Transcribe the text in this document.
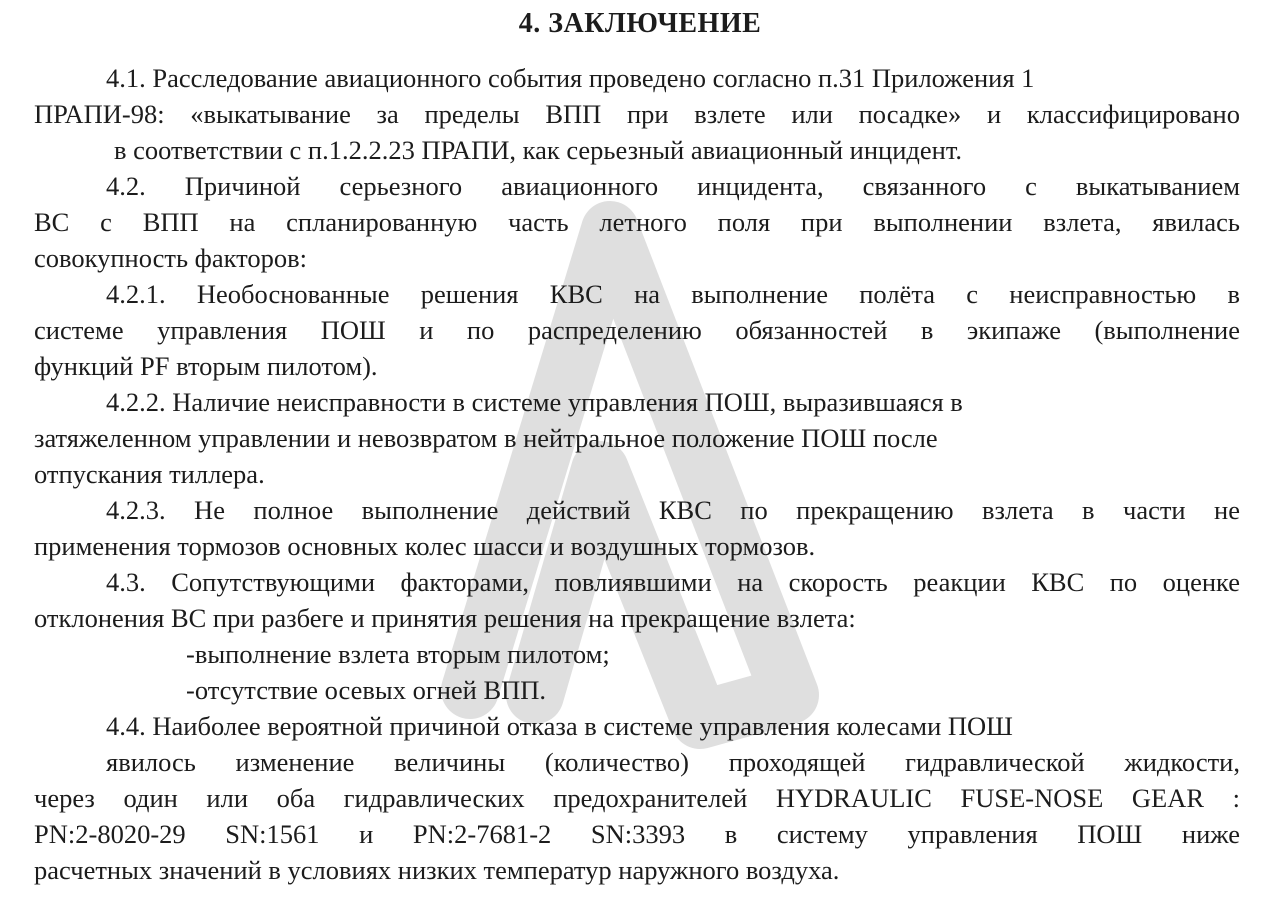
4. ЗАКЛЮЧЕНИЕ
4.1. Расследование авиационного события проведено согласно п.31 Приложения 1
ПРАПИ-98: «выкатывание за пределы ВПП при взлете или посадке» и классифицировано
в соответствии с п.1.2.2.23 ПРАПИ, как серьезный авиационный инцидент.
4.2. Причиной серьезного авиационного инцидента, связанного с выкатыванием
ВС с ВПП на спланированную часть летного поля при выполнении взлета, явилась
совокупность факторов:
4.2.1. Необоснованные решения КВС на выполнение полёта с неисправностью в
системе управления ПОШ и по распределению обязанностей в экипаже (выполнение
функций PF вторым пилотом).
4.2.2. Наличие неисправности в системе управления ПОШ, выразившаяся в
затяжеленном управлении и невозвратом в нейтральное положение ПОШ после
отпускания тиллера.
4.2.3. Не полное выполнение действий КВС по прекращению взлета в части не
применения тормозов основных колес шасси и воздушных тормозов.
4.3. Сопутствующими факторами, повлиявшими на скорость реакции КВС по оценке
отклонения ВС при разбеге и принятия решения на прекращение взлета:
-выполнение взлета вторым пилотом;
-отсутствие осевых огней ВПП.
4.4. Наиболее вероятной причиной отказа в системе управления колесами ПОШ
явилось изменение величины (количество) проходящей гидравлической жидкости,
через один или оба гидравлических предохранителей HYDRAULIC FUSE-NOSE GEAR :
PN:2-8020-29 SN:1561 и PN:2-7681-2 SN:3393 в систему управления ПОШ ниже
расчетных значений в условиях низких температур наружного воздуха.
